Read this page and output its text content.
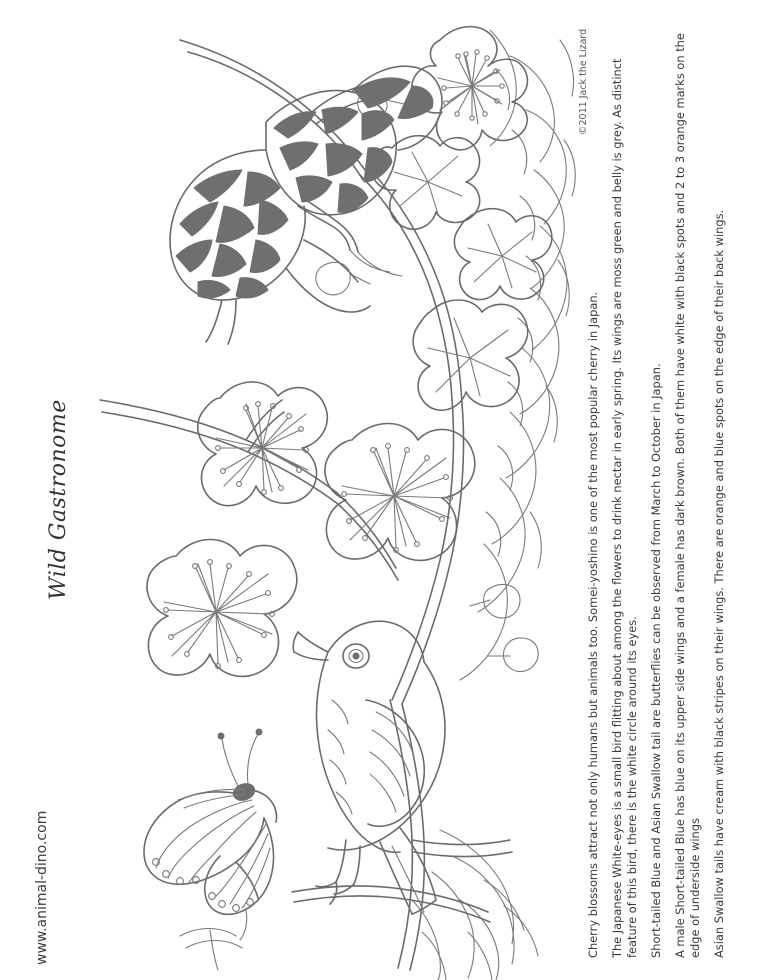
Wild Gastronome
www.animal-dino.com
©2011 Jack the Lizard

Cherry blossoms attract not only humans but animals too. Somei-yoshino is one of the most popular cherry in Japan. The Japanese White-eyes is a small bird flitting about among the flowers to drink nectar in early spring. Its wings are moss green and belly is grey. As distinct feature of this bird, there is the white circle around its eyes. Short-tailed Blue and Asian Swallow tail are butterflies can be observed from March to October in Japan. A male Short-tailed Blue has blue on its upper side wings and a female has dark brown. Both of them have white with black spots and 2 to 3 orange marks on the edge of underside wings Asian Swallow tails have cream with black stripes on their wings. There are orange and blue spots on the edge of their back wings.
